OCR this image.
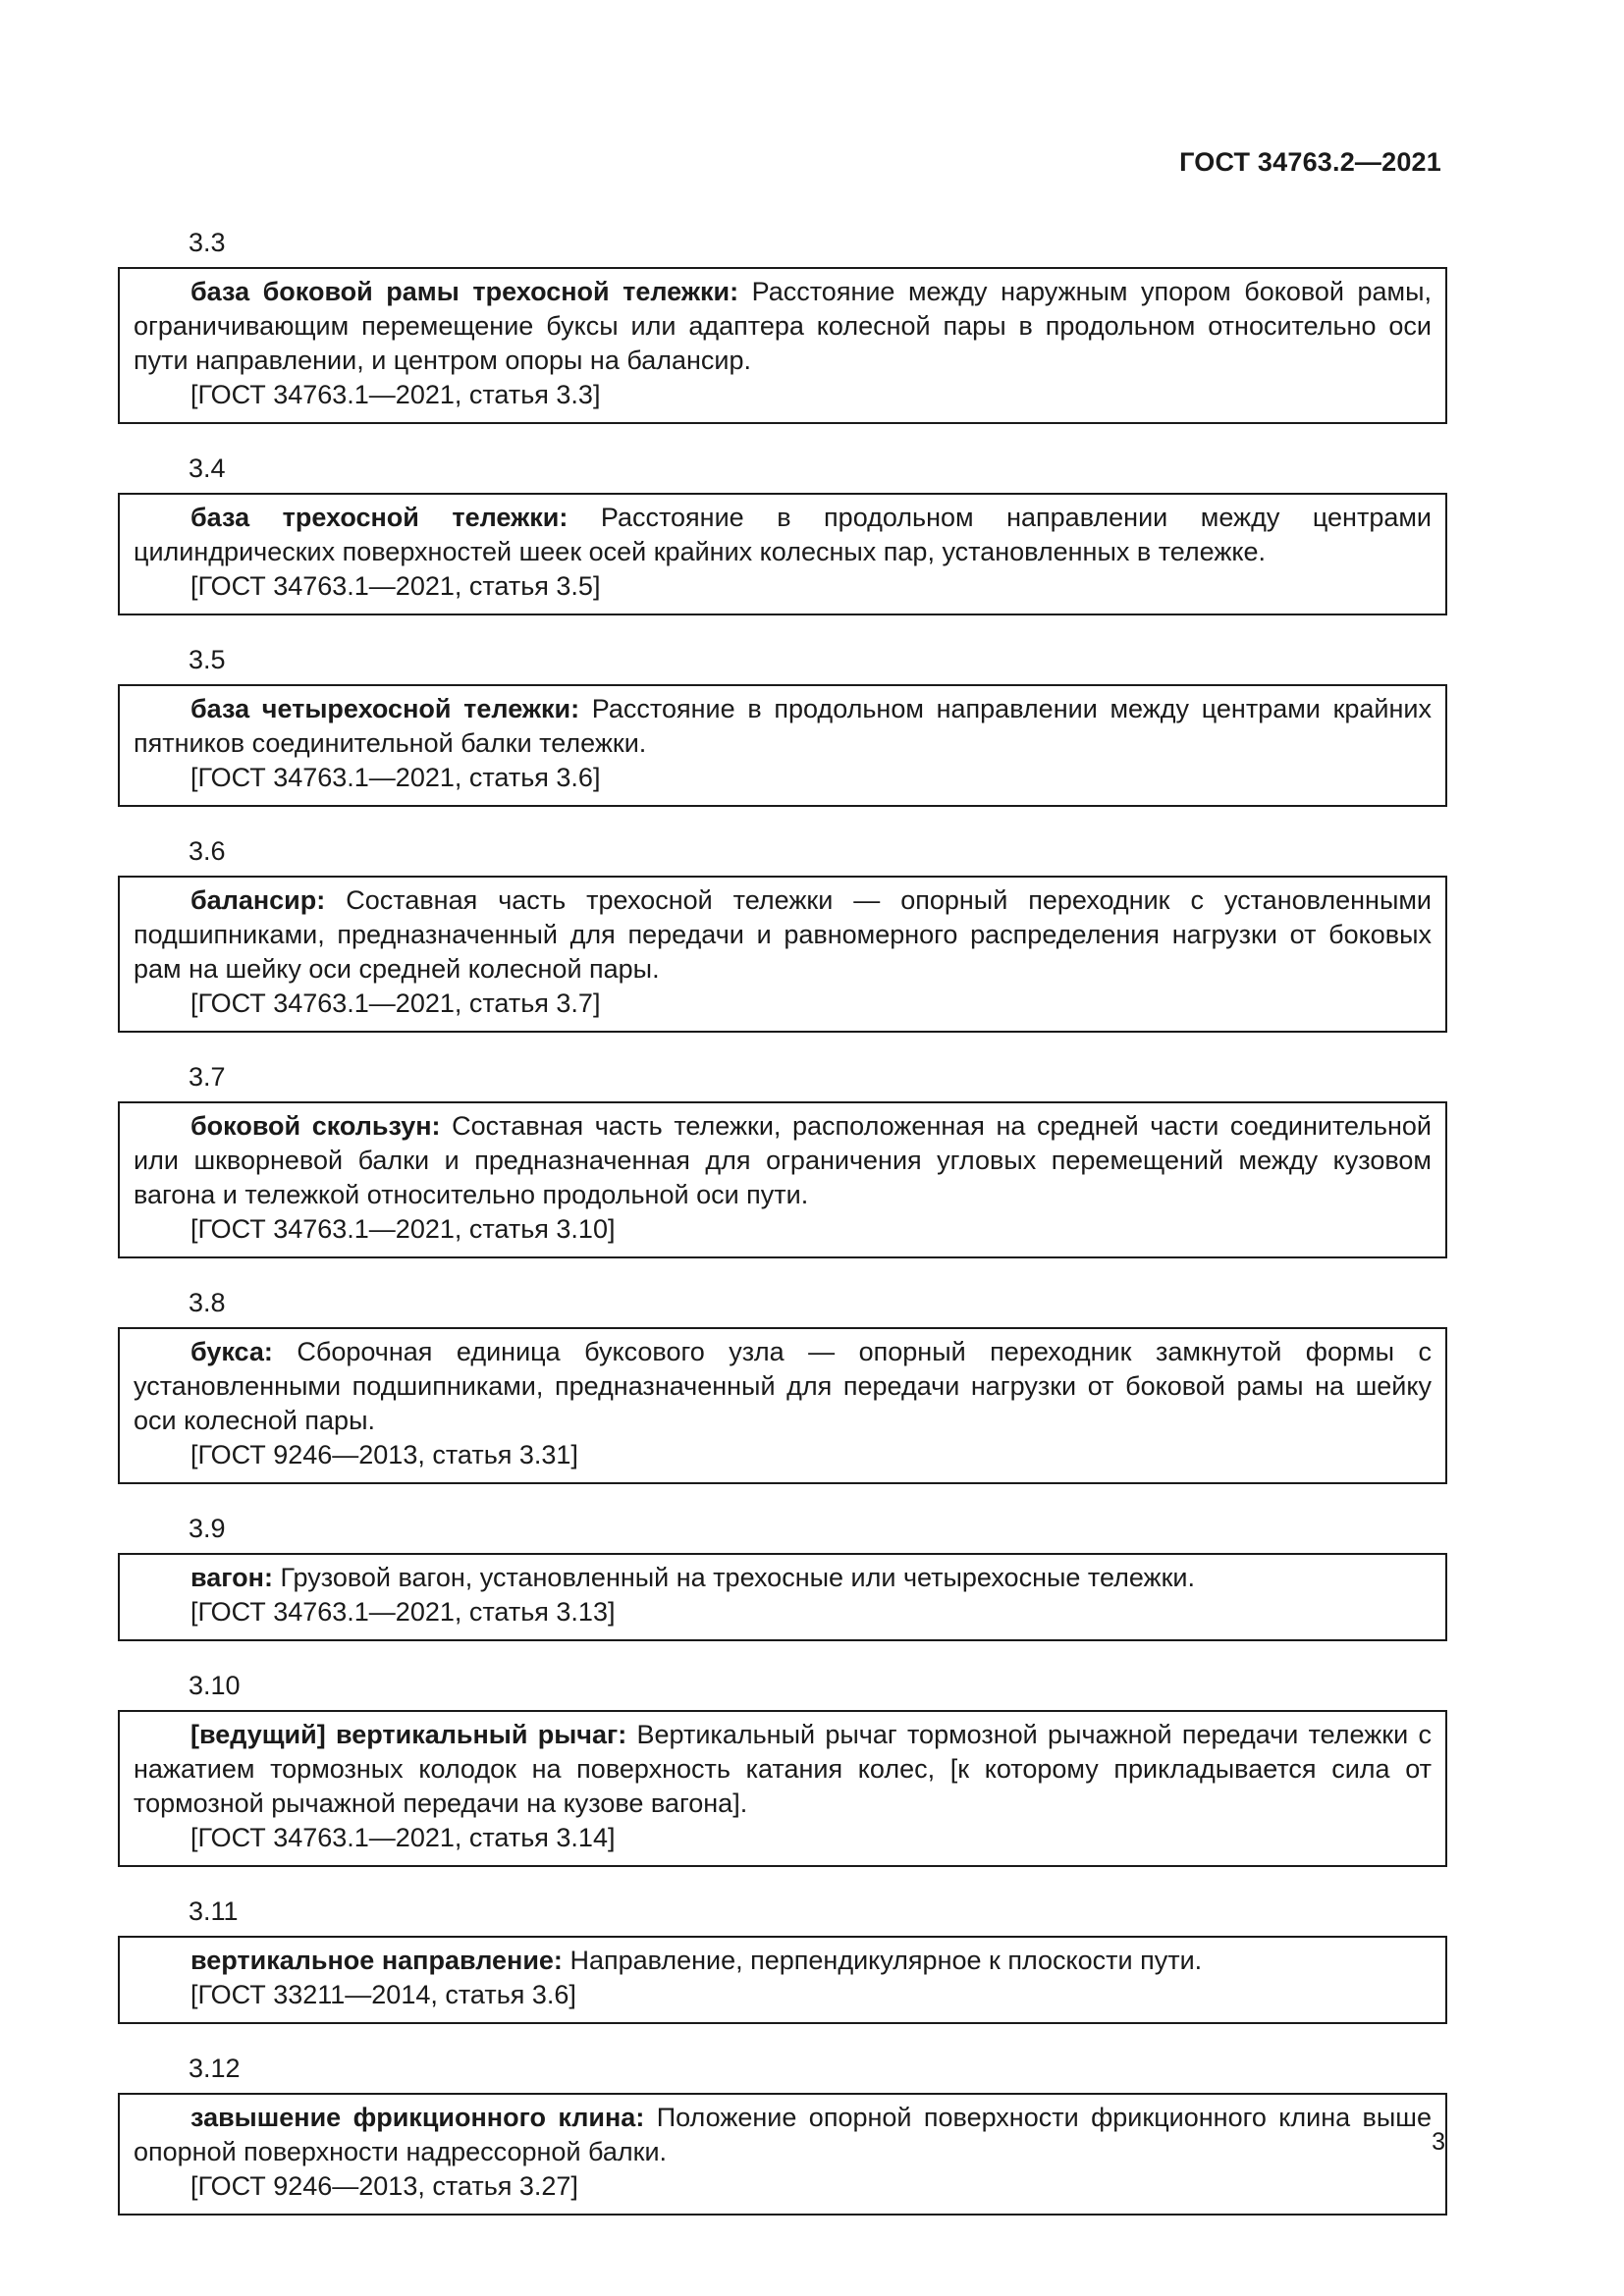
ГОСТ 34763.2—2021
3.3

база боковой рамы трехосной тележки: Расстояние между наружным упором боковой рамы, ограничивающим перемещение буксы или адаптера колесной пары в продольном относительно оси пути направлении, и центром опоры на балансир.

[ГОСТ 34763.1—2021, статья 3.3]

3.4

база трехосной тележки: Расстояние в продольном направлении между центрами цилиндрических поверхностей шеек осей крайних колесных пар, установленных в тележке.

[ГОСТ 34763.1—2021, статья 3.5]

3.5

база четырехосной тележки: Расстояние в продольном направлении между центрами крайних пятников соединительной балки тележки.

[ГОСТ 34763.1—2021, статья 3.6]

3.6

балансир: Составная часть трехосной тележки — опорный переходник с установленными подшипниками, предназначенный для передачи и равномерного распределения нагрузки от боковых рам на шейку оси средней колесной пары.

[ГОСТ 34763.1—2021, статья 3.7]

3.7

боковой скользун: Составная часть тележки, расположенная на средней части соединительной или шкворневой балки и предназначенная для ограничения угловых перемещений между кузовом вагона и тележкой относительно продольной оси пути.

[ГОСТ 34763.1—2021, статья 3.10]

3.8

букса: Сборочная единица буксового узла — опорный переходник замкнутой формы с установленными подшипниками, предназначенный для передачи нагрузки от боковой рамы на шейку оси колесной пары.

[ГОСТ 9246—2013, статья 3.31]

3.9

вагон: Грузовой вагон, установленный на трехосные или четырехосные тележки.

[ГОСТ 34763.1—2021, статья 3.13]

3.10

[ведущий] вертикальный рычаг: Вертикальный рычаг тормозной рычажной передачи тележки с нажатием тормозных колодок на поверхность катания колес, [к которому прикладывается сила от тормозной рычажной передачи на кузове вагона].

[ГОСТ 34763.1—2021, статья 3.14]

3.11

вертикальное направление: Направление, перпендикулярное к плоскости пути.

[ГОСТ 33211—2014, статья 3.6]

3.12

завышение фрикционного клина: Положение опорной поверхности фрикционного клина выше опорной поверхности надрессорной балки.

[ГОСТ 9246—2013, статья 3.27]

3
